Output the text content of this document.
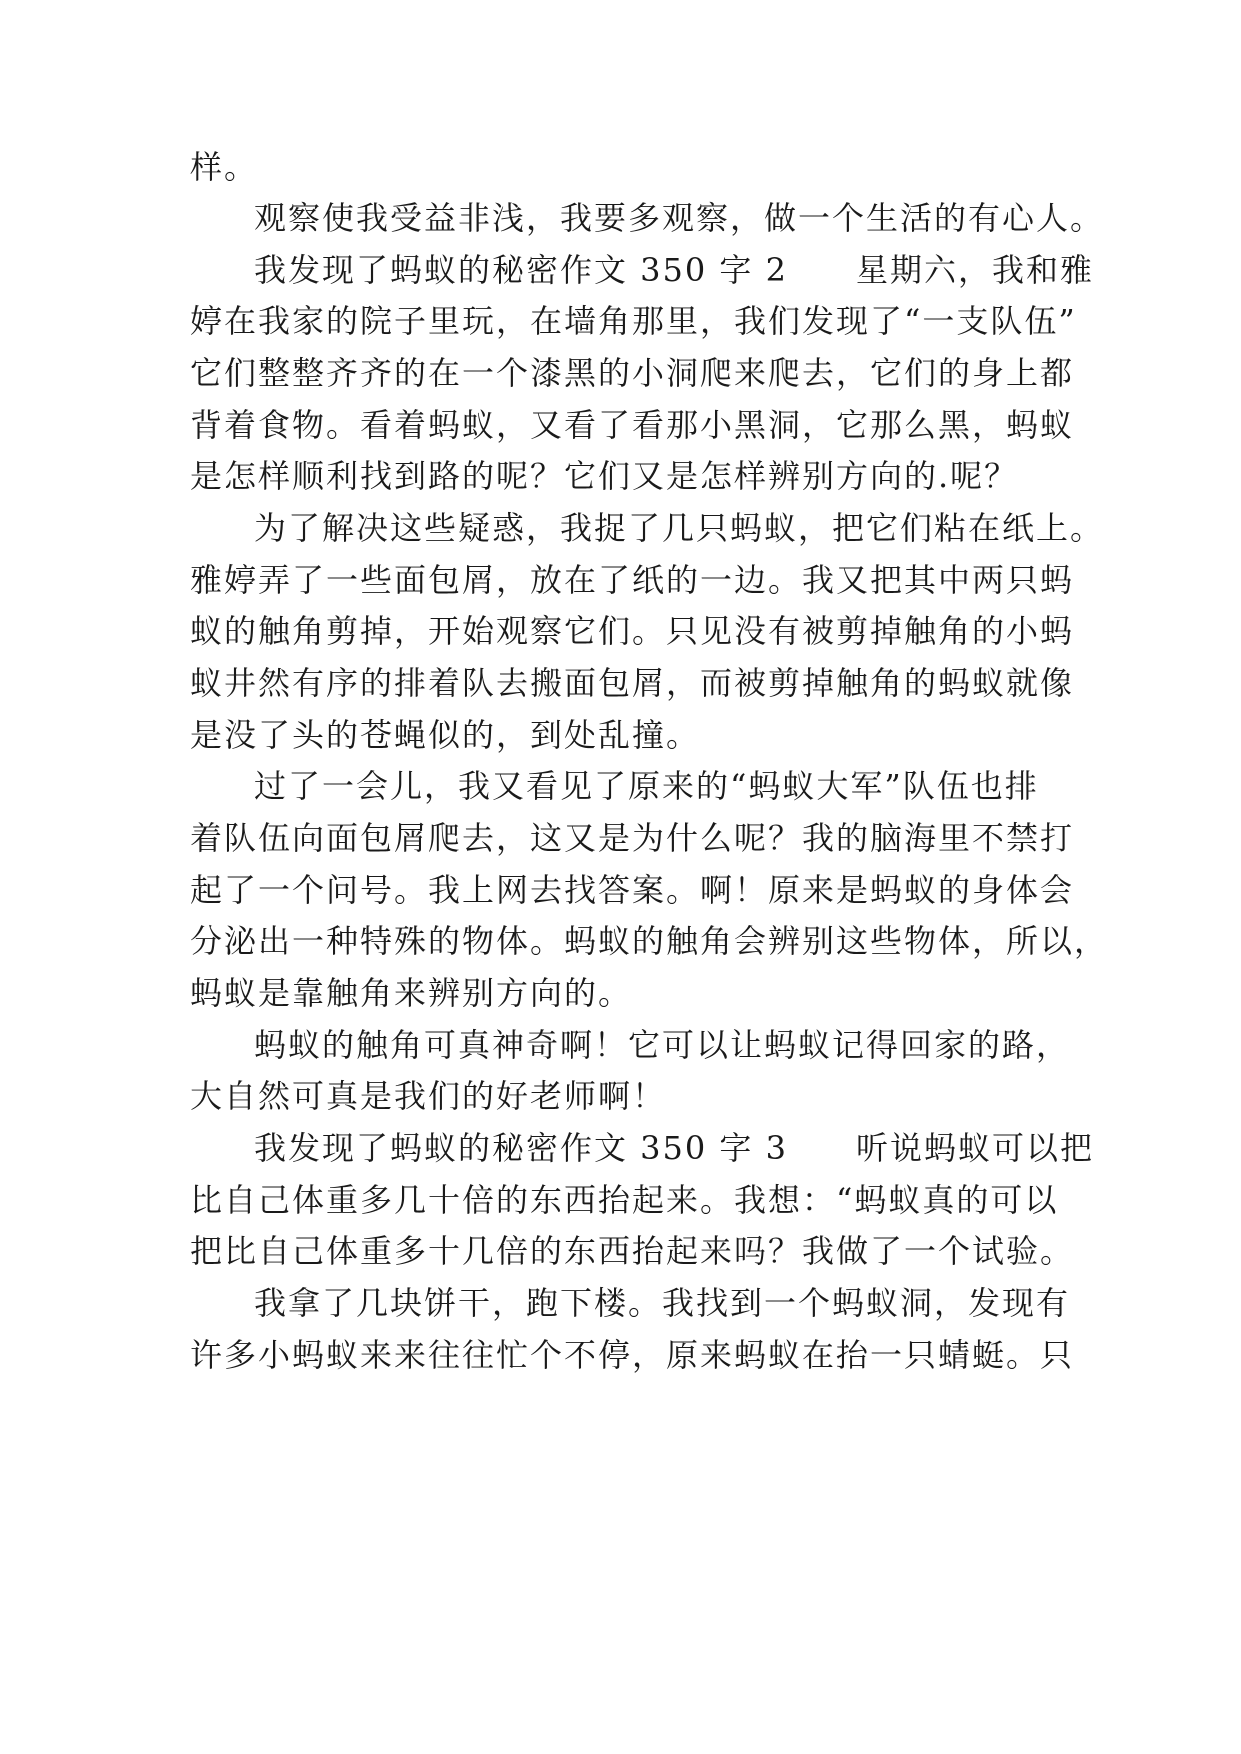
样。
观察使我受益非浅，我要多观察，做一个生活的有心人。
我发现了蚂蚁的秘密作文 350 字 2　　星期六，我和雅
婷在我家的院子里玩，在墙角那里，我们发现了“一支队伍”
它们整整齐齐的在一个漆黑的小洞爬来爬去，它们的身上都
背着食物。看着蚂蚁，又看了看那小黑洞，它那么黑，蚂蚁
是怎样顺利找到路的呢？它们又是怎样辨别方向的.呢？
为了解决这些疑惑，我捉了几只蚂蚁，把它们粘在纸上。
雅婷弄了一些面包屑，放在了纸的一边。我又把其中两只蚂
蚁的触角剪掉，开始观察它们。只见没有被剪掉触角的小蚂
蚁井然有序的排着队去搬面包屑，而被剪掉触角的蚂蚁就像
是没了头的苍蝇似的，到处乱撞。
过了一会儿，我又看见了原来的“蚂蚁大军”队伍也排
着队伍向面包屑爬去，这又是为什么呢？我的脑海里不禁打
起了一个问号。我上网去找答案。啊！原来是蚂蚁的身体会
分泌出一种特殊的物体。蚂蚁的触角会辨别这些物体，所以，
蚂蚁是靠触角来辨别方向的。
蚂蚁的触角可真神奇啊！它可以让蚂蚁记得回家的路，
大自然可真是我们的好老师啊！
我发现了蚂蚁的秘密作文 350 字 3　　听说蚂蚁可以把
比自己体重多几十倍的东西抬起来。我想：“蚂蚁真的可以
把比自己体重多十几倍的东西抬起来吗？我做了一个试验。
我拿了几块饼干，跑下楼。我找到一个蚂蚁洞，发现有
许多小蚂蚁来来往往忙个不停，原来蚂蚁在抬一只蜻蜓。只
